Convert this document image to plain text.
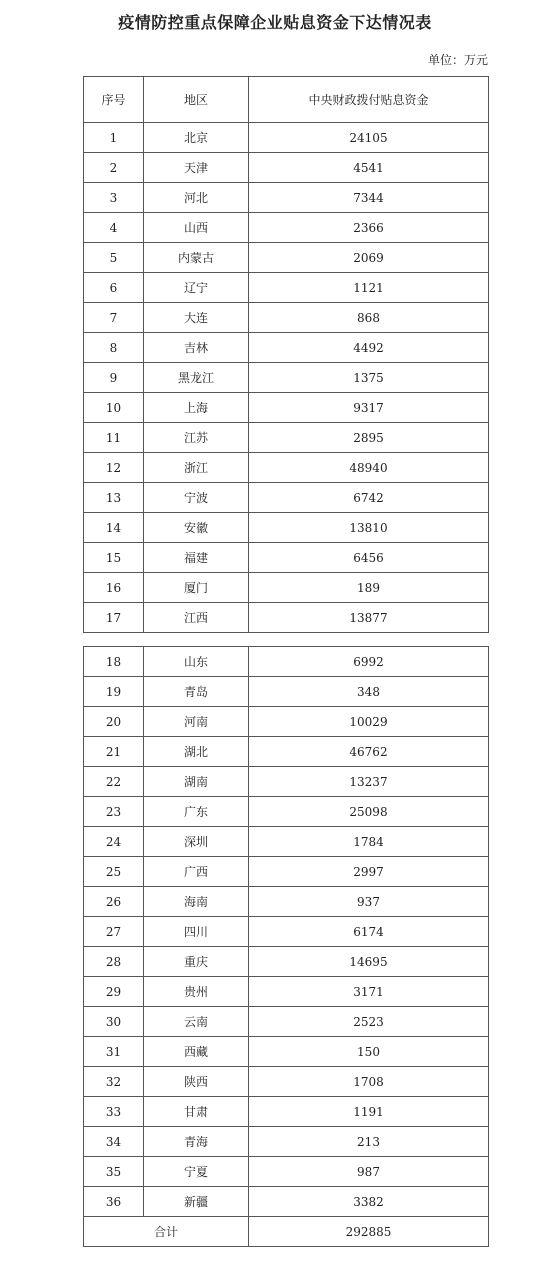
疫情防控重点保障企业贴息资金下达情况表
单位：万元
序号	地区	中央财政拨付贴息资金
1	北京	24105
2	天津	4541
3	河北	7344
4	山西	2366
5	内蒙古	2069
6	辽宁	1121
7	大连	868
8	吉林	4492
9	黑龙江	1375
10	上海	9317
11	江苏	2895
12	浙江	48940
13	宁波	6742
14	安徽	13810
15	福建	6456
16	厦门	189
17	江西	13877
18	山东	6992
19	青岛	348
20	河南	10029
21	湖北	46762
22	湖南	13237
23	广东	25098
24	深圳	1784
25	广西	2997
26	海南	937
27	四川	6174
28	重庆	14695
29	贵州	3171
30	云南	2523
31	西藏	150
32	陕西	1708
33	甘肃	1191
34	青海	213
35	宁夏	987
36	新疆	3382
合计		292885
